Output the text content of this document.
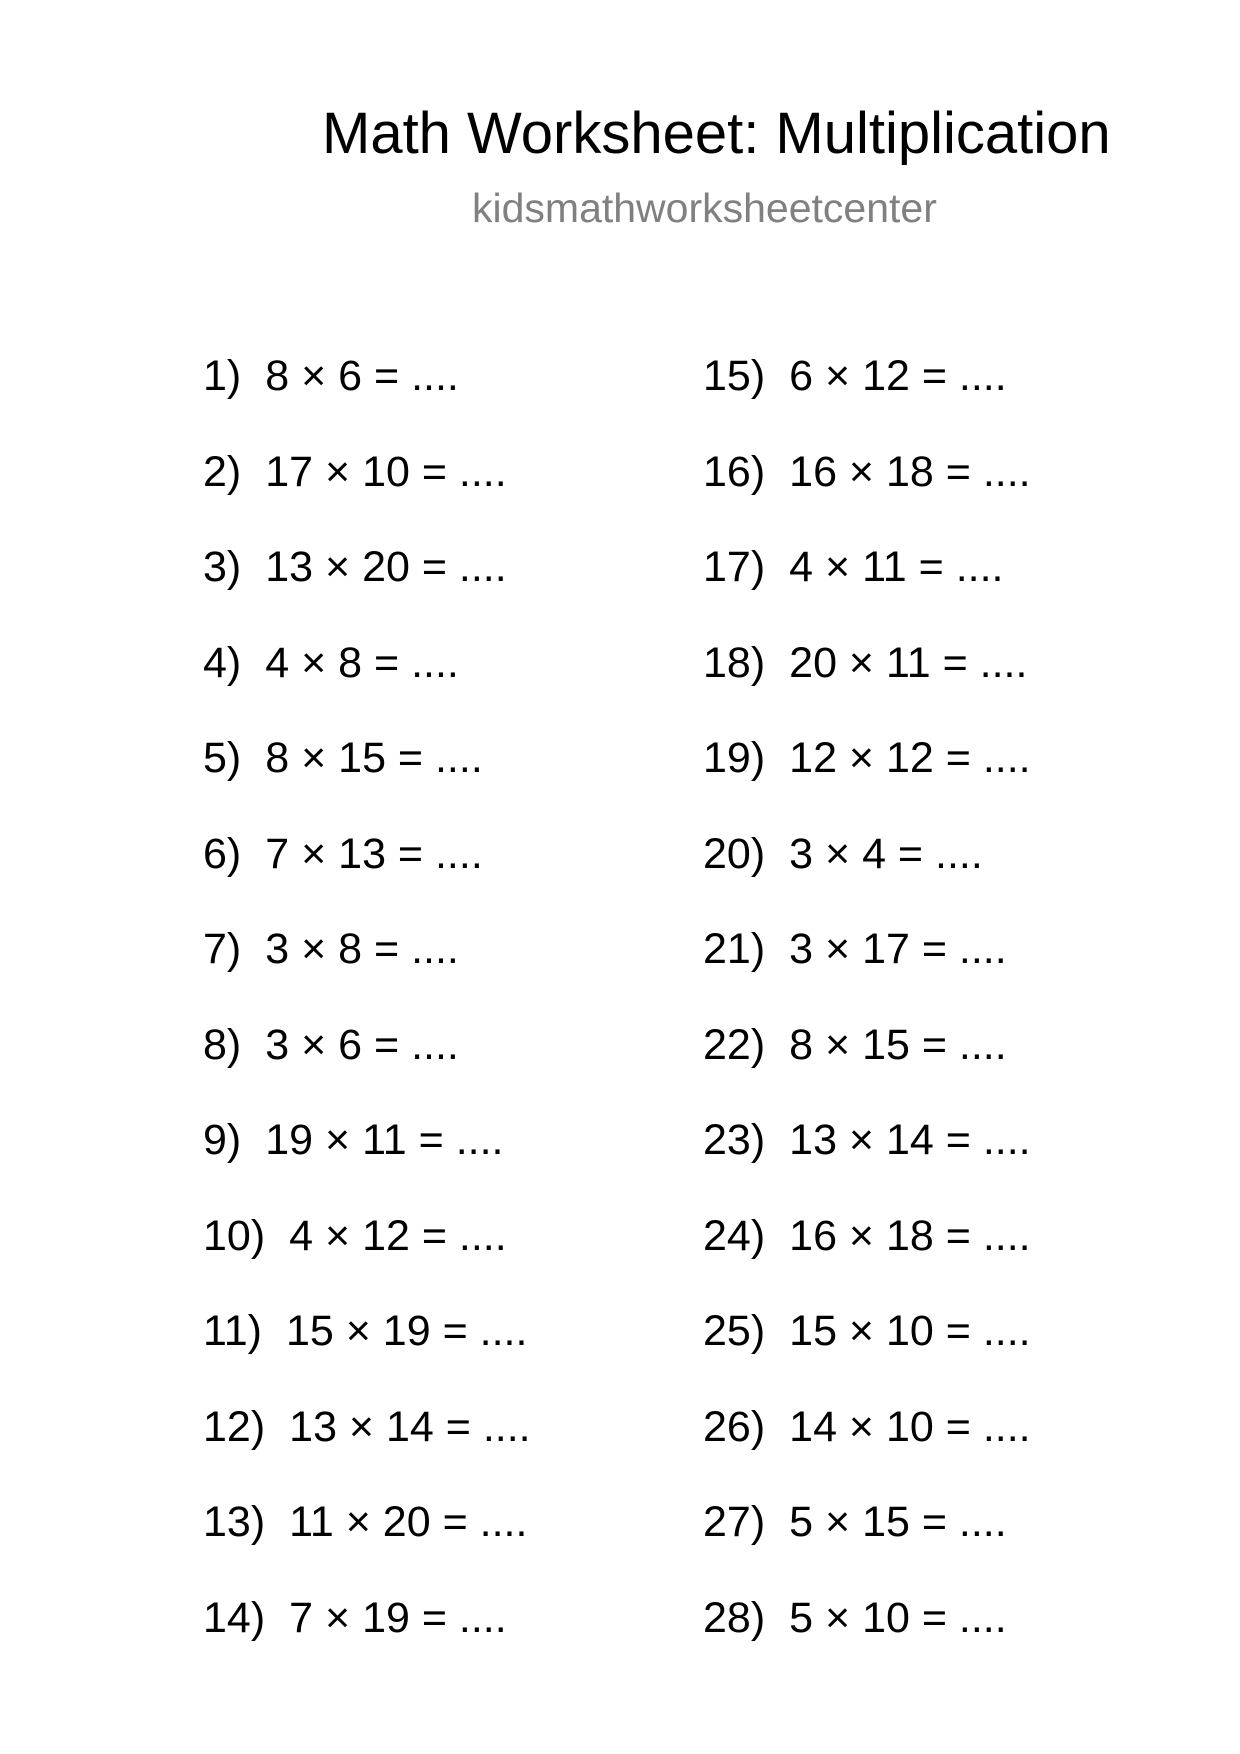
Math Worksheet: Multiplication
kidsmathworksheetcenter
1) 8 × 6 = ....
2) 17 × 10 = ....
3) 13 × 20 = ....
4) 4 × 8 = ....
5) 8 × 15 = ....
6) 7 × 13 = ....
7) 3 × 8 = ....
8) 3 × 6 = ....
9) 19 × 11 = ....
10) 4 × 12 = ....
11) 15 × 19 = ....
12) 13 × 14 = ....
13) 11 × 20 = ....
14) 7 × 19 = ....
15) 6 × 12 = ....
16) 16 × 18 = ....
17) 4 × 11 = ....
18) 20 × 11 = ....
19) 12 × 12 = ....
20) 3 × 4 = ....
21) 3 × 17 = ....
22) 8 × 15 = ....
23) 13 × 14 = ....
24) 16 × 18 = ....
25) 15 × 10 = ....
26) 14 × 10 = ....
27) 5 × 15 = ....
28) 5 × 10 = ....
